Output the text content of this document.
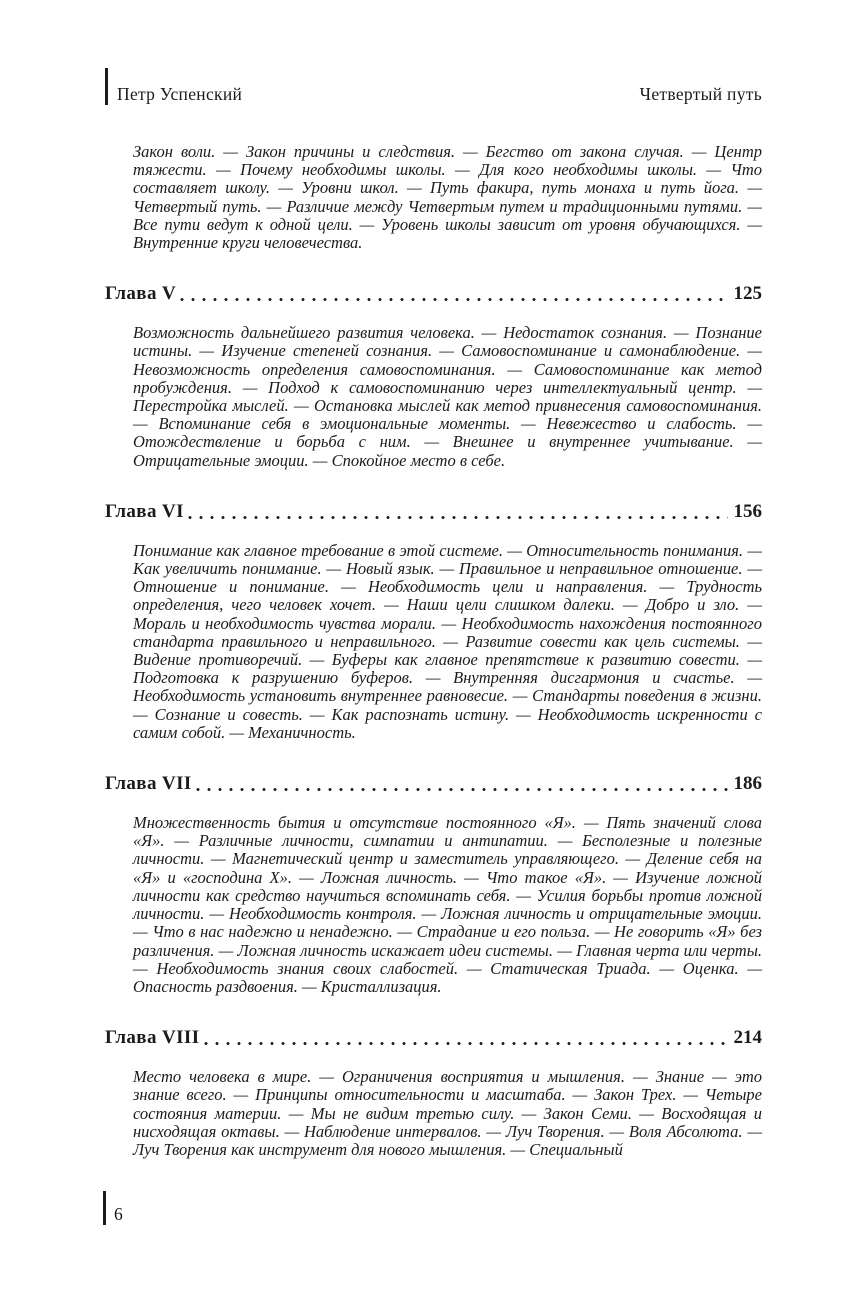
Петр Успенский	Четвертый путь

Закон воли. — Закон причины и следствия. — Бегство от закона случая. — Центр тяжести. — Почему необходимы школы. — Для кого необходимы школы. — Что составляет школу. — Уровни школ. — Путь факира, путь монаха и путь йога. — Четвертый путь. — Различие между Четвертым путем и традиционными путями. — Все пути ведут к одной цели. — Уровень школы зависит от уровня обучающихся. — Внутренние круги человечества.

Глава V	125

Возможность дальнейшего развития человека. — Недостаток сознания. — Познание истины. — Изучение степеней сознания. — Самовоспоминание и самонаблюдение. — Невозможность определения самовоспоминания. — Самовоспоминание как метод пробуждения. — Подход к самовоспоминанию через интеллектуальный центр. — Перестройка мыслей. — Остановка мыслей как метод привнесения самовоспоминания. — Вспоминание себя в эмоциональные моменты. — Невежество и слабость. — Отождествление и борьба с ним. — Внешнее и внутреннее учитывание. — Отрицательные эмоции. — Спокойное место в себе.

Глава VI	156

Понимание как главное требование в этой системе. — Относительность понимания. — Как увеличить понимание. — Новый язык. — Правильное и неправильное отношение. — Отношение и понимание. — Необходимость цели и направления. — Трудность определения, чего человек хочет. — Наши цели слишком далеки. — Добро и зло. — Мораль и необходимость чувства морали. — Необходимость нахождения постоянного стандарта правильного и неправильного. — Развитие совести как цель системы. — Видение противоречий. — Буферы как главное препятствие к развитию совести. — Подготовка к разрушению буферов. — Внутренняя дисгармония и счастье. — Необходимость установить внутреннее равновесие. — Стандарты поведения в жизни. — Сознание и совесть. — Как распознать истину. — Необходимость искренности с самим собой. — Механичность.

Глава VII	186

Множественность бытия и отсутствие постоянного «Я». — Пять значений слова «Я». — Различные личности, симпатии и антипатии. — Бесполезные и полезные личности. — Магнетический центр и заместитель управляющего. — Деление себя на «Я» и «господина Х». — Ложная личность. — Что такое «Я». — Изучение ложной личности как средство научиться вспоминать себя. — Усилия борьбы против ложной личности. — Необходимость контроля. — Ложная личность и отрицательные эмоции. — Что в нас надежно и ненадежно. — Страдание и его польза. — Не говорить «Я» без различения. — Ложная личность искажает идеи системы. — Главная черта или черты. — Необходимость знания своих слабостей. — Статическая Триада. — Оценка. — Опасность раздвоения. — Кристаллизация.

Глава VIII	214

Место человека в мире. — Ограничения восприятия и мышления. — Знание — это знание всего. — Принципы относительности и масштаба. — Закон Трех. — Четыре состояния материи. — Мы не видим третью силу. — Закон Семи. — Восходящая и нисходящая октавы. — Наблюдение интервалов. — Луч Творения. — Воля Абсолюта. — Луч Творения как инструмент для нового мышления. — Специальный

6
